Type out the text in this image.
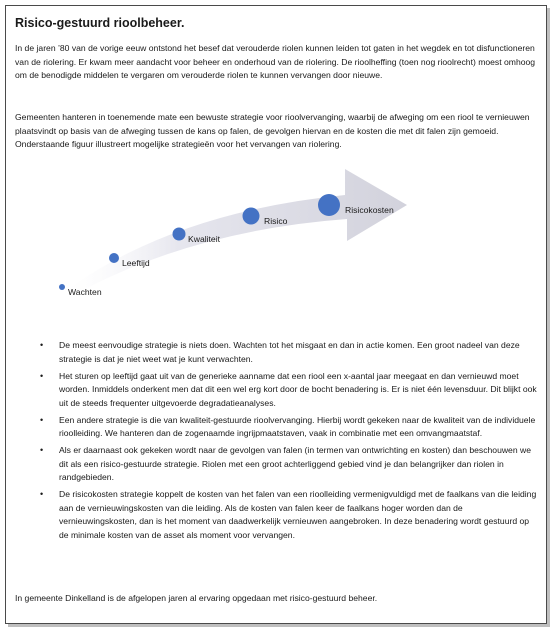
Risico-gestuurd rioolbeheer.

In de jaren ’80 van de vorige eeuw ontstond het besef dat verouderde riolen kunnen leiden tot gaten in het wegdek en tot disfunctioneren van de riolering. Er kwam meer aandacht voor beheer en onderhoud van de riolering. De rioolheffing (toen nog rioolrecht) moest omhoog om de benodigde middelen te vergaren om verouderde riolen te kunnen vervangen door nieuwe.

Gemeenten hanteren in toenemende mate een bewuste strategie voor rioolvervanging, waarbij de afweging om een riool te vernieuwen plaatsvindt op basis van de afweging tussen de kans op falen, de gevolgen hiervan en de kosten die met dit falen zijn gemoeid. Onderstaande figuur illustreert mogelijke strategieën voor het vervangen van riolering.

Wachten
Leeftijd
Kwaliteit
Risico
Risicokosten
• De meest eenvoudige strategie is niets doen. Wachten tot het misgaat en dan in actie komen. Een groot nadeel van deze strategie is dat je niet weet wat je kunt verwachten.
• Het sturen op leeftijd gaat uit van de generieke aanname dat een riool een x-aantal jaar meegaat en dan vernieuwd moet worden. Inmiddels onderkent men dat dit een wel erg kort door de bocht benadering is. Er is niet één levensduur. Dit blijkt ook uit de steeds frequenter uitgevoerde degradatieanalyses.
• Een andere strategie is die van kwaliteit-gestuurde rioolvervanging. Hierbij wordt gekeken naar de kwaliteit van de individuele rioolleiding. We hanteren dan de zogenaamde ingrijpmaatstaven, vaak in combinatie met een omvangmaatstaf.
• Als er daarnaast ook gekeken wordt naar de gevolgen van falen (in termen van ontwrichting en kosten) dan beschouwen we dit als een risico-gestuurde strategie. Riolen met een groot achterliggend gebied vind je dan belangrijker dan riolen in randgebieden.
• De risicokosten strategie koppelt de kosten van het falen van een rioolleiding vermenigvuldigd met de faalkans van die leiding aan de vernieuwingskosten van die leiding. Als de kosten van falen keer de faalkans hoger worden dan de vernieuwingskosten, dan is het moment van daadwerkelijk vernieuwen aangebroken. In deze benadering wordt gestuurd op de minimale kosten van de asset als moment voor vervangen.

In gemeente Dinkelland is de afgelopen jaren al ervaring opgedaan met risico-gestuurd beheer.
